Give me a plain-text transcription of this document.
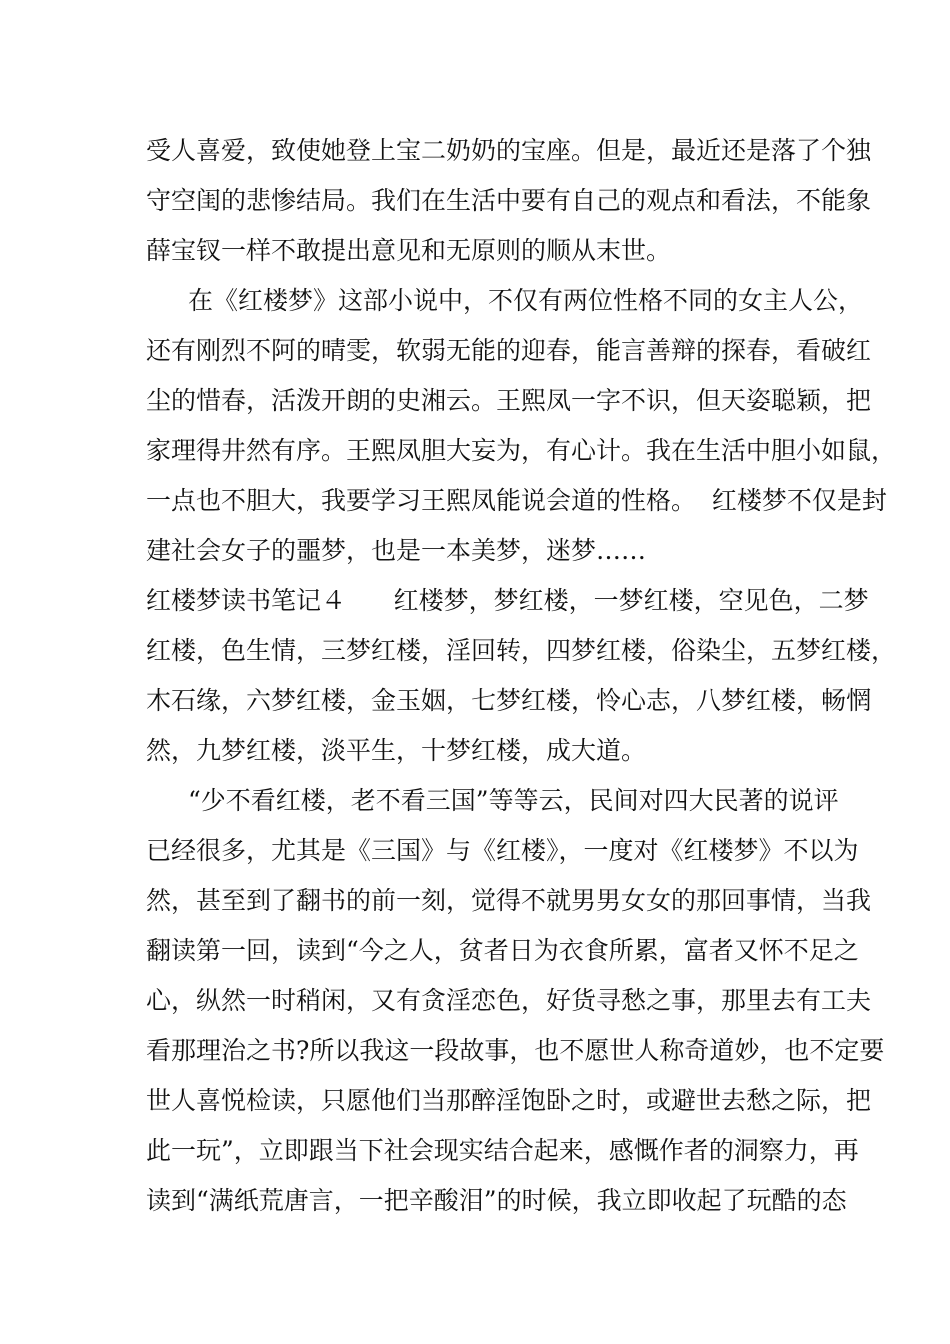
受人喜爱，致使她登上宝二奶奶的宝座。但是，最近还是落了个独
守空闺的悲惨结局。我们在生活中要有自己的观点和看法，不能象
薛宝钗一样不敢提出意见和无原则的顺从末世。
在《红楼梦》这部小说中，不仅有两位性格不同的女主人公，
还有刚烈不阿的晴雯，软弱无能的迎春，能言善辩的探春，看破红
尘的惜春，活泼开朗的史湘云。王熙凤一字不识，但天姿聪颖，把
家理得井然有序。王熙凤胆大妄为，有心计。我在生活中胆小如鼠，
一点也不胆大，我要学习王熙凤能说会道的性格。  红楼梦不仅是封
建社会女子的噩梦，也是一本美梦，迷梦……
红楼梦读书笔记４      红楼梦，梦红楼，一梦红楼，空见色，二梦
红楼，色生情，三梦红楼，淫回转，四梦红楼，俗染尘，五梦红楼，
木石缘，六梦红楼，金玉姻，七梦红楼，怜心志，八梦红楼，畅惘
然，九梦红楼，淡平生，十梦红楼，成大道。
“少不看红楼，老不看三国”等等云，民间对四大民著的说评
已经很多，尤其是《三国》与《红楼》，一度对《红楼梦》不以为
然，甚至到了翻书的前一刻，觉得不就男男女女的那回事情，当我
翻读第一回，读到“今之人，贫者日为衣食所累，富者又怀不足之
心，纵然一时稍闲，又有贪淫恋色，好货寻愁之事，那里去有工夫
看那理治之书?所以我这一段故事，也不愿世人称奇道妙，也不定要
世人喜悦检读，只愿他们当那醉淫饱卧之时，或避世去愁之际，把
此一玩”，立即跟当下社会现实结合起来，感慨作者的洞察力，再
读到“满纸荒唐言，一把辛酸泪”的时候，我立即收起了玩酷的态
